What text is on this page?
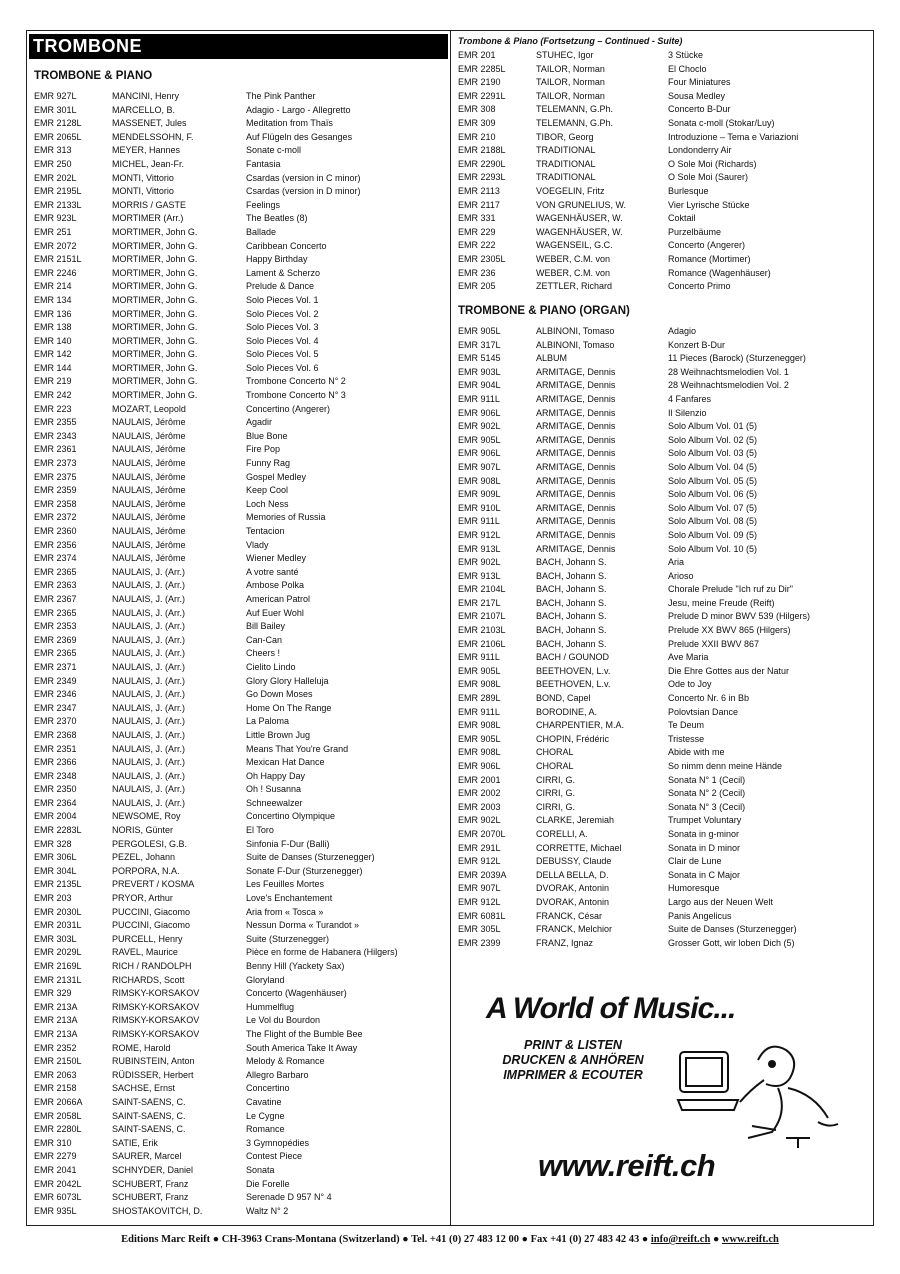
TROMBONE
TROMBONE & PIANO
EMR 927L	MANCINI, Henry	The Pink Panther
EMR 301L	MARCELLO, B.	Adagio - Largo - Allegretto
EMR 2128L	MASSENET, Jules	Meditation from Thaïs
EMR 2065L	MENDELSSOHN, F.	Auf Flügeln des Gesanges
EMR 313	MEYER, Hannes	Sonate c-moll
EMR 250	MICHEL, Jean-Fr.	Fantasia
EMR 202L	MONTI, Vittorio	Csardas (version in C minor)
EMR 2195L	MONTI, Vittorio	Csardas (version in D minor)
EMR 2133L	MORRIS / GASTE	Feelings
EMR 923L	MORTIMER (Arr.)	The Beatles (8)
EMR 251	MORTIMER, John G.	Ballade
EMR 2072	MORTIMER, John G.	Caribbean Concerto
EMR 2151L	MORTIMER, John G.	Happy Birthday
EMR 2246	MORTIMER, John G.	Lament & Scherzo
EMR 214	MORTIMER, John G.	Prelude & Dance
EMR 134	MORTIMER, John G.	Solo Pieces Vol. 1
EMR 136	MORTIMER, John G.	Solo Pieces Vol. 2
EMR 138	MORTIMER, John G.	Solo Pieces Vol. 3
EMR 140	MORTIMER, John G.	Solo Pieces Vol. 4
EMR 142	MORTIMER, John G.	Solo Pieces Vol. 5
EMR 144	MORTIMER, John G.	Solo Pieces Vol. 6
EMR 219	MORTIMER, John G.	Trombone Concerto N° 2
EMR 242	MORTIMER, John G.	Trombone Concerto N° 3
EMR 223	MOZART, Leopold	Concertino (Angerer)
EMR 2355	NAULAIS, Jérôme	Agadir
EMR 2343	NAULAIS, Jérôme	Blue Bone
EMR 2361	NAULAIS, Jérôme	Fire Pop
EMR 2373	NAULAIS, Jérôme	Funny Rag
EMR 2375	NAULAIS, Jérôme	Gospel Medley
EMR 2359	NAULAIS, Jérôme	Keep Cool
EMR 2358	NAULAIS, Jérôme	Loch Ness
EMR 2372	NAULAIS, Jérôme	Memories of Russia
EMR 2360	NAULAIS, Jérôme	Tentacion
EMR 2356	NAULAIS, Jérôme	Vlady
EMR 2374	NAULAIS, Jérôme	Wiener Medley
EMR 2365	NAULAIS, J. (Arr.)	A votre santé
EMR 2363	NAULAIS, J. (Arr.)	Ambose Polka
EMR 2367	NAULAIS, J. (Arr.)	American Patrol
EMR 2365	NAULAIS, J. (Arr.)	Auf Euer Wohl
EMR 2353	NAULAIS, J. (Arr.)	Bill Bailey
EMR 2369	NAULAIS, J. (Arr.)	Can-Can
EMR 2365	NAULAIS, J. (Arr.)	Cheers !
EMR 2371	NAULAIS, J. (Arr.)	Cielito Lindo
EMR 2349	NAULAIS, J. (Arr.)	Glory Glory Halleluja
EMR 2346	NAULAIS, J. (Arr.)	Go Down Moses
EMR 2347	NAULAIS, J. (Arr.)	Home On The Range
EMR 2370	NAULAIS, J. (Arr.)	La Paloma
EMR 2368	NAULAIS, J. (Arr.)	Little Brown Jug
EMR 2351	NAULAIS, J. (Arr.)	Means That You're Grand
EMR 2366	NAULAIS, J. (Arr.)	Mexican Hat Dance
EMR 2348	NAULAIS, J. (Arr.)	Oh Happy Day
EMR 2350	NAULAIS, J. (Arr.)	Oh ! Susanna
EMR 2364	NAULAIS, J. (Arr.)	Schneewalzer
EMR 2004	NEWSOME, Roy	Concertino Olympique
EMR 2283L	NORIS, Günter	El Toro
EMR 328	PERGOLESI, G.B.	Sinfonia F-Dur (Balli)
EMR 306L	PEZEL, Johann	Suite de Danses (Sturzenegger)
EMR 304L	PORPORA, N.A.	Sonate F-Dur (Sturzenegger)
EMR 2135L	PREVERT / KOSMA	Les Feuilles Mortes
EMR 203	PRYOR, Arthur	Love's Enchantement
EMR 2030L	PUCCINI, Giacomo	Aria from « Tosca »
EMR 2031L	PUCCINI, Giacomo	Nessun Dorma « Turandot »
EMR 303L	PURCELL, Henry	Suite (Sturzenegger)
EMR 2029L	RAVEL, Maurice	Pièce en forme de Habanera (Hilgers)
EMR 2169L	RICH / RANDOLPH	Benny Hill (Yackety Sax)
EMR 2131L	RICHARDS, Scott	Gloryland
EMR 329	RIMSKY-KORSAKOV	Concerto (Wagenhäuser)
EMR 213A	RIMSKY-KORSAKOV	Hummelflug
EMR 213A	RIMSKY-KORSAKOV	Le Vol du Bourdon
EMR 213A	RIMSKY-KORSAKOV	The Flight of the Bumble Bee
EMR 2352	ROME, Harold	South America Take It Away
EMR 2150L	RUBINSTEIN, Anton	Melody & Romance
EMR 2063	RÜDISSER, Herbert	Allegro Barbaro
EMR 2158	SACHSE, Ernst	Concertino
EMR 2066A	SAINT-SAENS, C.	Cavatine
EMR 2058L	SAINT-SAENS, C.	Le Cygne
EMR 2280L	SAINT-SAENS, C.	Romance
EMR 310	SATIE, Erik	3 Gymnopédies
EMR 2279	SAURER, Marcel	Contest Piece
EMR 2041	SCHNYDER, Daniel	Sonata
EMR 2042L	SCHUBERT, Franz	Die Forelle
EMR 6073L	SCHUBERT, Franz	Serenade D 957 N° 4
EMR 935L	SHOSTAKOVITCH, D.	Waltz N° 2
Trombone & Piano (Fortsetzung – Continued - Suite)
EMR 201	STUHEC, Igor	3 Stücke
EMR 2285L	TAILOR, Norman	El Choclo
EMR 2190	TAILOR, Norman	Four Miniatures
EMR 2291L	TAILOR, Norman	Sousa Medley
EMR 308	TELEMANN, G.Ph.	Concerto B-Dur
EMR 309	TELEMANN, G.Ph.	Sonata c-moll (Stokar/Luy)
EMR 210	TIBOR, Georg	Introduzione – Tema e Variazioni
EMR 2188L	TRADITIONAL	Londonderry Air
EMR 2290L	TRADITIONAL	O Sole Moi (Richards)
EMR 2293L	TRADITIONAL	O Sole Moi (Saurer)
EMR 2113	VOEGELIN, Fritz	Burlesque
EMR 2117	VON GRUNELIUS, W.	Vier Lyrische Stücke
EMR 331	WAGENHÄUSER, W.	Coktail
EMR 229	WAGENHÄUSER, W.	Purzelbäume
EMR 222	WAGENSEIL, G.C.	Concerto (Angerer)
EMR 2305L	WEBER, C.M. von	Romance (Mortimer)
EMR 236	WEBER, C.M. von	Romance (Wagenhäuser)
EMR 205	ZETTLER, Richard	Concerto Primo
TROMBONE & PIANO (ORGAN)
EMR 905L	ALBINONI, Tomaso	Adagio
EMR 317L	ALBINONI, Tomaso	Konzert B-Dur
EMR 5145	ALBUM	11 Pieces (Barock) (Sturzenegger)
EMR 903L	ARMITAGE, Dennis	28 Weihnachtsmelodien Vol. 1
EMR 904L	ARMITAGE, Dennis	28 Weihnachtsmelodien Vol. 2
EMR 911L	ARMITAGE, Dennis	4 Fanfares
EMR 906L	ARMITAGE, Dennis	Il Silenzio
EMR 902L	ARMITAGE, Dennis	Solo Album Vol. 01 (5)
EMR 905L	ARMITAGE, Dennis	Solo Album Vol. 02 (5)
EMR 906L	ARMITAGE, Dennis	Solo Album Vol. 03 (5)
EMR 907L	ARMITAGE, Dennis	Solo Album Vol. 04 (5)
EMR 908L	ARMITAGE, Dennis	Solo Album Vol. 05 (5)
EMR 909L	ARMITAGE, Dennis	Solo Album Vol. 06 (5)
EMR 910L	ARMITAGE, Dennis	Solo Album Vol. 07 (5)
EMR 911L	ARMITAGE, Dennis	Solo Album Vol. 08 (5)
EMR 912L	ARMITAGE, Dennis	Solo Album Vol. 09 (5)
EMR 913L	ARMITAGE, Dennis	Solo Album Vol. 10 (5)
EMR 902L	BACH, Johann S.	Aria
EMR 913L	BACH, Johann S.	Arioso
EMR 2104L	BACH, Johann S.	Chorale Prelude "Ich ruf zu Dir"
EMR 217L	BACH, Johann S.	Jesu, meine Freude (Reift)
EMR 2107L	BACH, Johann S.	Prelude D minor BWV 539 (Hilgers)
EMR 2103L	BACH, Johann S.	Prelude XX BWV 865 (Hilgers)
EMR 2106L	BACH, Johann S.	Prelude XXII BWV 867
EMR 911L	BACH / GOUNOD	Ave Maria
EMR 905L	BEETHOVEN, L.v.	Die Ehre Gottes aus der Natur
EMR 908L	BEETHOVEN, L.v.	Ode to Joy
EMR 289L	BOND, Capel	Concerto Nr. 6 in Bb
EMR 911L	BORODINE, A.	Polovtsian Dance
EMR 908L	CHARPENTIER, M.A.	Te Deum
EMR 905L	CHOPIN, Frédéric	Tristesse
EMR 908L	CHORAL	Abide with me
EMR 906L	CHORAL	So nimm denn meine Hände
EMR 2001	CIRRI, G.	Sonata N° 1 (Cecil)
EMR 2002	CIRRI, G.	Sonata N° 2 (Cecil)
EMR 2003	CIRRI, G.	Sonata N° 3 (Cecil)
EMR 902L	CLARKE, Jeremiah	Trumpet Voluntary
EMR 2070L	CORELLI, A.	Sonata in g-minor
EMR 291L	CORRETTE, Michael	Sonata in D minor
EMR 912L	DEBUSSY, Claude	Clair de Lune
EMR 2039A	DELLA BELLA, D.	Sonata in C Major
EMR 907L	DVORAK, Antonin	Humoresque
EMR 912L	DVORAK, Antonin	Largo aus der Neuen Welt
EMR 6081L	FRANCK, César	Panis Angelicus
EMR 305L	FRANCK, Melchior	Suite de Danses (Sturzenegger)
EMR 2399	FRANZ, Ignaz	Grosser Gott, wir loben Dich (5)
A World of Music...
PRINT & LISTEN
DRUCKEN & ANHÖREN
IMPRIMER & ECOUTER
www.reift.ch
Editions Marc Reift ● CH-3963 Crans-Montana (Switzerland) ● Tel. +41 (0) 27 483 12 00 ● Fax +41 (0) 27 483 42 43 ● info@reift.ch ● www.reift.ch
